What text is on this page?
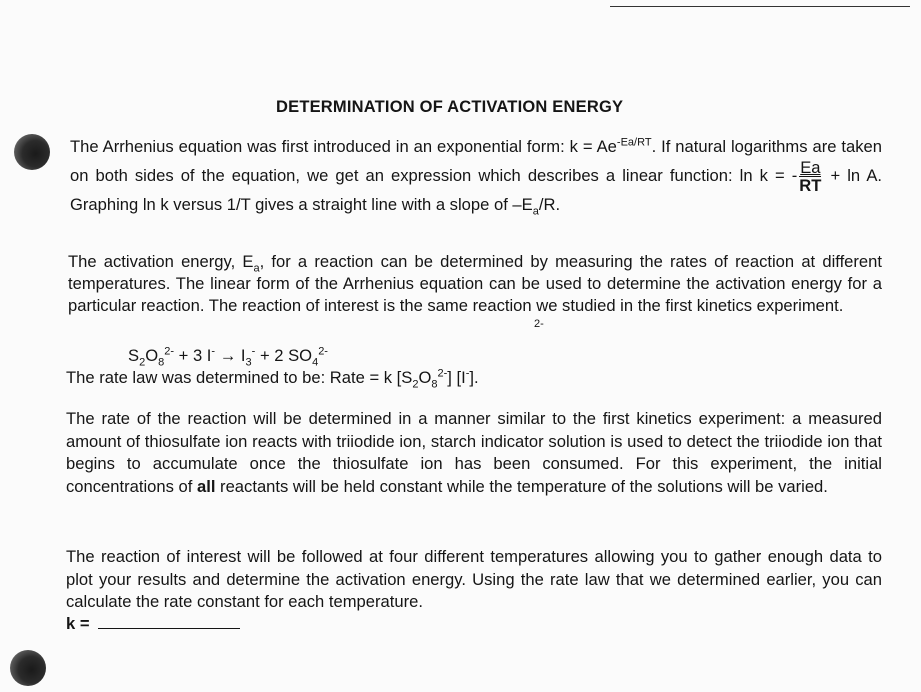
DETERMINATION OF ACTIVATION ENERGY

The Arrhenius equation was first introduced in an exponential form: $k = Ae^{-Ea/RT}$. If natural logarithms are taken on both sides of the equation, we get an expression which describes a linear function: ln k = - $\frac{Ea}{RT} + \ln A$. Graphing ln k versus 1/T gives a straight line with a slope of $-E_a/R$.

The activation energy, $E_a$, for a reaction can be determined by measuring the rates of reaction at different temperatures. The linear form of the Arrhenius equation can be used to determine the activation energy for a particular reaction. The reaction of interest is the same reaction we studied in the first kinetics experiment.

$S_2O_8^{2-} + 3$ $I^- \to I_3^- + 2$ $SO_4^{2-}$

The rate law was determined to be: Rate = k $[S_2O_8^{2-}]$ [I-].

The rate of the reaction will be determined in a manner similar to the first kinetics experiment: a measured amount of thiosulfate ion reacts with triiodide ion, starch indicator solution is used to detect the triiodide ion that begins to accumulate once the thiosulfate ion has been consumed. For this experiment, the initial concentrations of all reactants will be held constant while the temperature of the solutions will be varied.

The reaction of interest will be followed at four different temperatures allowing you to gather enough data to plot your results and determine the activation energy. Using the rate law that we determined earlier, you can calculate the rate constant for each temperature.

k =

2-
